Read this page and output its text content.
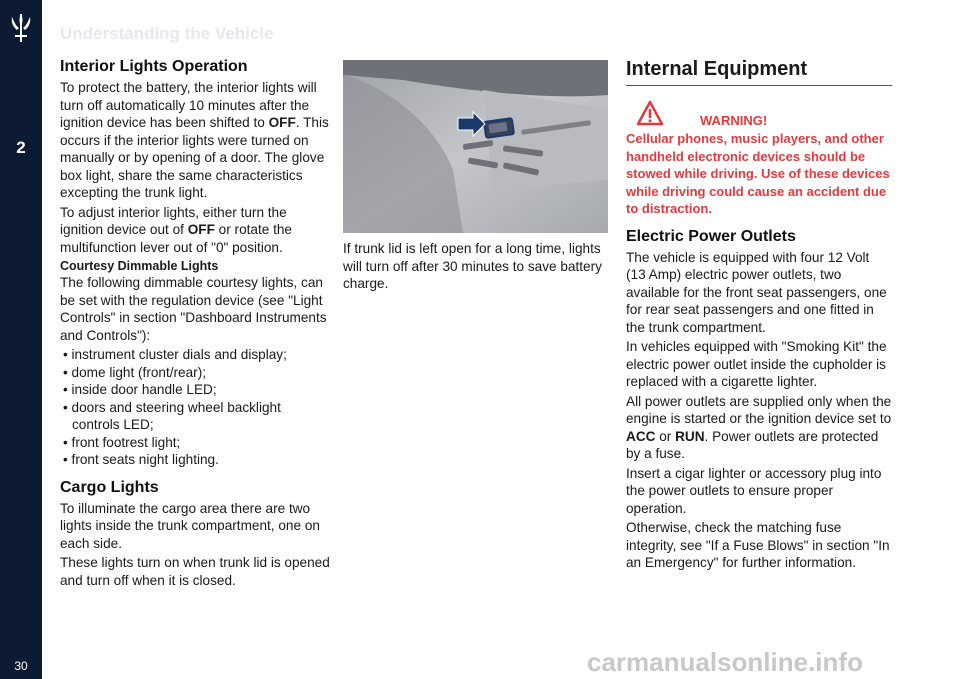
2
30
Understanding the Vehicle
Interior Lights Operation

To protect the battery, the interior lights will turn off automatically 10 minutes after the ignition device has been shifted to OFF. This occurs if the interior lights were turned on manually or by opening of a door. The glove box light, share the same characteristics excepting the trunk light.

To adjust interior lights, either turn the ignition device out of OFF or rotate the multifunction lever out of "0" position.

Courtesy Dimmable Lights

The following dimmable courtesy lights, can be set with the regulation device (see "Light Controls" in section "Dashboard Instruments and Controls"):

• instrument cluster dials and display;
• dome light (front/rear);
• inside door handle LED;
• doors and steering wheel backlight controls LED;
• front footrest light;
• front seats night lighting.
Cargo Lights

To illuminate the cargo area there are two lights inside the trunk compartment, one on each side.

These lights turn on when trunk lid is opened and turn off when it is closed.

If trunk lid is left open for a long time, lights will turn off after 30 minutes to save battery charge.

Internal Equipment
WARNING!

Cellular phones, music players, and other handheld electronic devices should be stowed while driving. Use of these devices while driving could cause an accident due to distraction.

Electric Power Outlets

The vehicle is equipped with four 12 Volt (13 Amp) electric power outlets, two available for the front seat passengers, one for rear seat passengers and one fitted in the trunk compartment.

In vehicles equipped with "Smoking Kit" the electric power outlet inside the cupholder is replaced with a cigarette lighter.

All power outlets are supplied only when the engine is started or the ignition device set to ACC or RUN. Power outlets are protected by a fuse.

Insert a cigar lighter or accessory plug into the power outlets to ensure proper operation.

Otherwise, check the matching fuse integrity, see "If a Fuse Blows" in section "In an Emergency" for further information.

carmanualsonline.info
